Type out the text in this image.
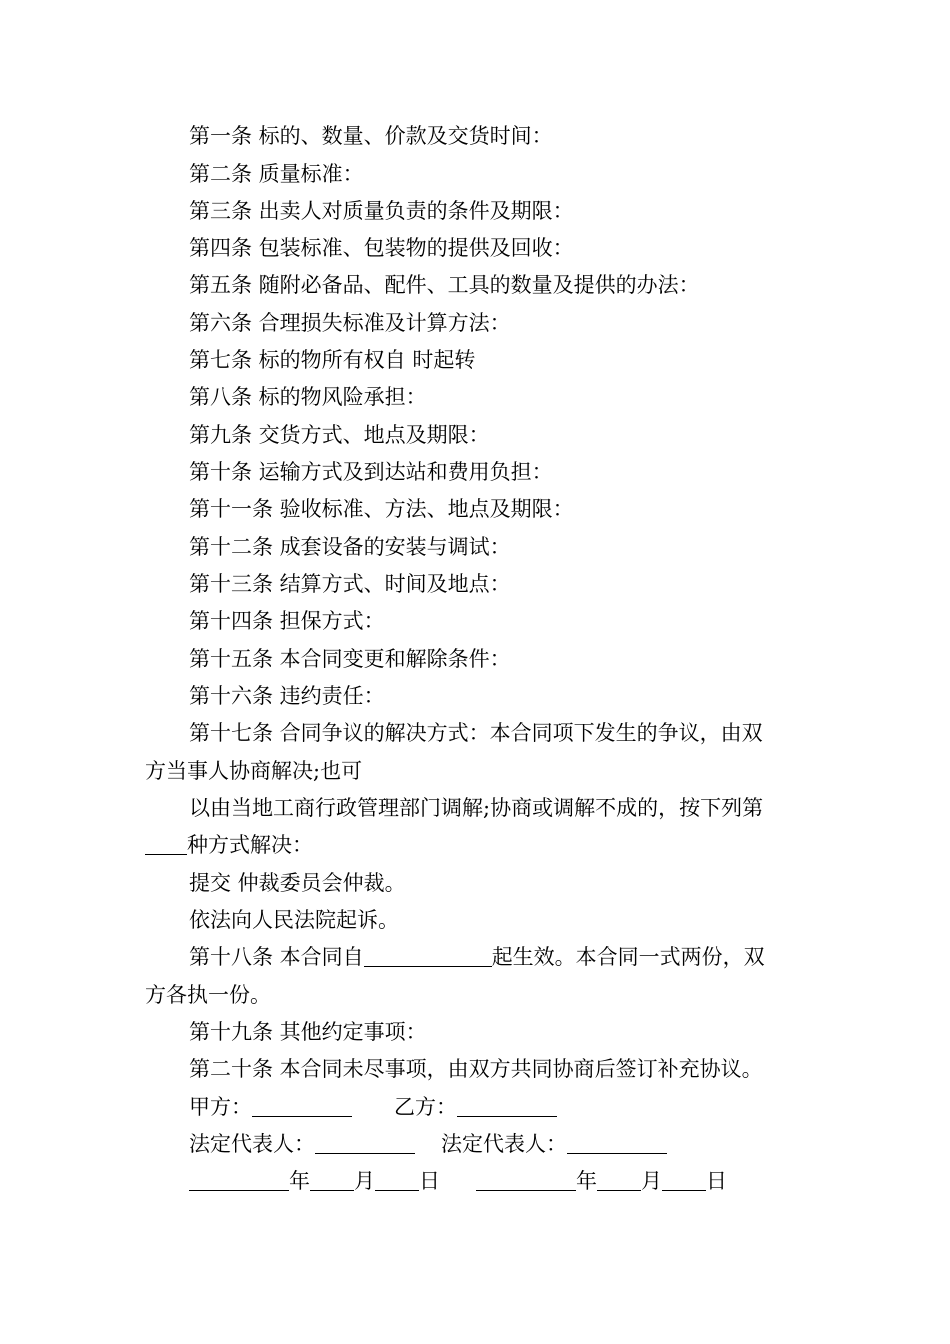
第一条 标的、数量、价款及交货时间：
第二条 质量标准：
第三条 出卖人对质量负责的条件及期限：
第四条 包装标准、包装物的提供及回收：
第五条 随附必备品、配件、工具的数量及提供的办法：
第六条 合理损失标准及计算方法：
第七条 标的物所有权自 时起转
第八条 标的物风险承担：
第九条 交货方式、地点及期限：
第十条 运输方式及到达站和费用负担：
第十一条 验收标准、方法、地点及期限：
第十二条 成套设备的安装与调试：
第十三条 结算方式、时间及地点：
第十四条 担保方式：
第十五条 本合同变更和解除条件：
第十六条 违约责任：
第十七条 合同争议的解决方式：本合同项下发生的争议，由双
方当事人协商解决;也可
以由当地工商行政管理部门调解;协商或调解不成的，按下列第
种方式解决：
提交 仲裁委员会仲裁。
依法向人民法院起诉。
第十八条 本合同自	起生效。本合同一式两份，双
方各执一份。
第十九条 其他约定事项：
第二十条 本合同未尽事项，由双方共同协商后签订补充协议。
甲方：	乙方：
法定代表人：	法定代表人：
年 月 日	年 月 日
